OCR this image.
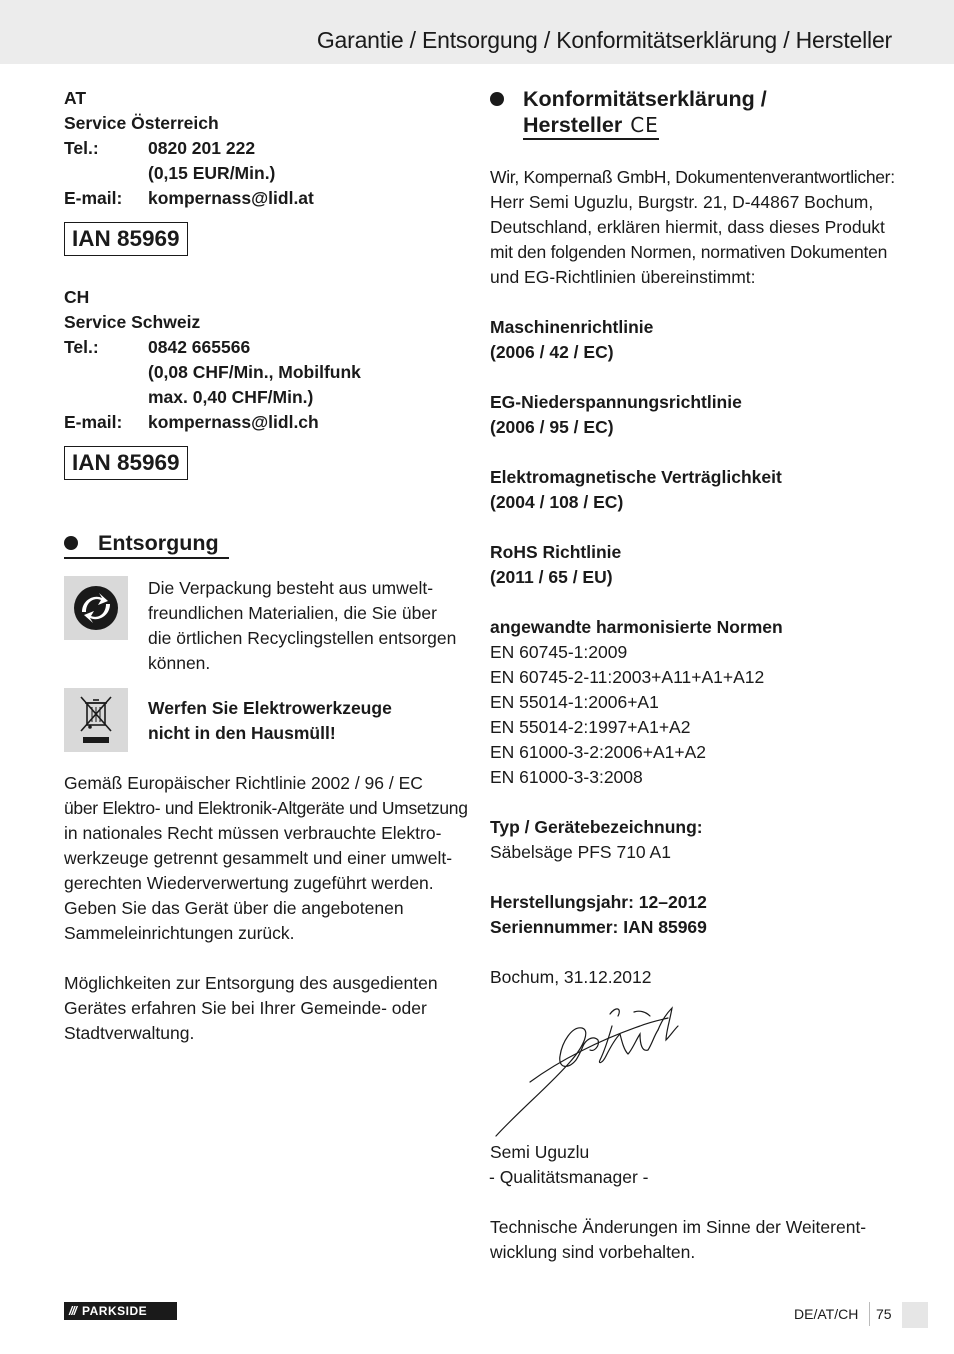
Garantie / Entsorgung / Konformitätserklärung / Hersteller
AT
Service Österreich
Tel.:	0820 201 222
(0,15 EUR/Min.)
E-mail:	kompernass@lidl.at
IAN 85969
CH
Service Schweiz
Tel.:	0842 665566
(0,08 CHF/Min., Mobilfunk
max. 0,40 CHF/Min.)
E-mail:	kompernass@lidl.ch
IAN 85969
Entsorgung
Die Verpackung besteht aus umwelt-
freundlichen Materialien, die Sie über
die örtlichen Recyclingstellen entsorgen
können.
Werfen Sie Elektrowerkzeuge
nicht in den Hausmüll!
Gemäß Europäischer Richtlinie 2002 / 96 / EC
über Elektro- und Elektronik-Altgeräte und Umsetzung
in nationales Recht müssen verbrauchte Elektro-
werkzeuge getrennt gesammelt und einer umwelt-
gerechten Wiederverwertung zugeführt werden.
Geben Sie das Gerät über die angebotenen
Sammeleinrichtungen zurück.
Möglichkeiten zur Entsorgung des ausgedienten
Gerätes erfahren Sie bei Ihrer Gemeinde- oder
Stadtverwaltung.
Konformitätserklärung /
Hersteller CE
Wir, Kompernaß GmbH, Dokumentenverantwortlicher:
Herr Semi Uguzlu, Burgstr. 21, D-44867 Bochum,
Deutschland, erklären hiermit, dass dieses Produkt
mit den folgenden Normen, normativen Dokumenten
und EG-Richtlinien übereinstimmt:
Maschinenrichtlinie
(2006 / 42 / EC)
EG-Niederspannungsrichtlinie
(2006 / 95 / EC)
Elektromagnetische Verträglichkeit
(2004 / 108 / EC)
RoHS Richtlinie
(2011 / 65 / EU)
angewandte harmonisierte Normen
EN 60745-1:2009
EN 60745-2-11:2003+A11+A1+A12
EN 55014-1:2006+A1
EN 55014-2:1997+A1+A2
EN 61000-3-2:2006+A1+A2
EN 61000-3-3:2008
Typ / Gerätebezeichnung:
Säbelsäge PFS 710 A1
Herstellungsjahr: 12–2012
Seriennummer: IAN 85969
Bochum, 31.12.2012
Semi Uguzlu
- Qualitätsmanager -
Technische Änderungen im Sinne der Weiterent-
wicklung sind vorbehalten.
/// PARKSIDE	DE/AT/CH 75
